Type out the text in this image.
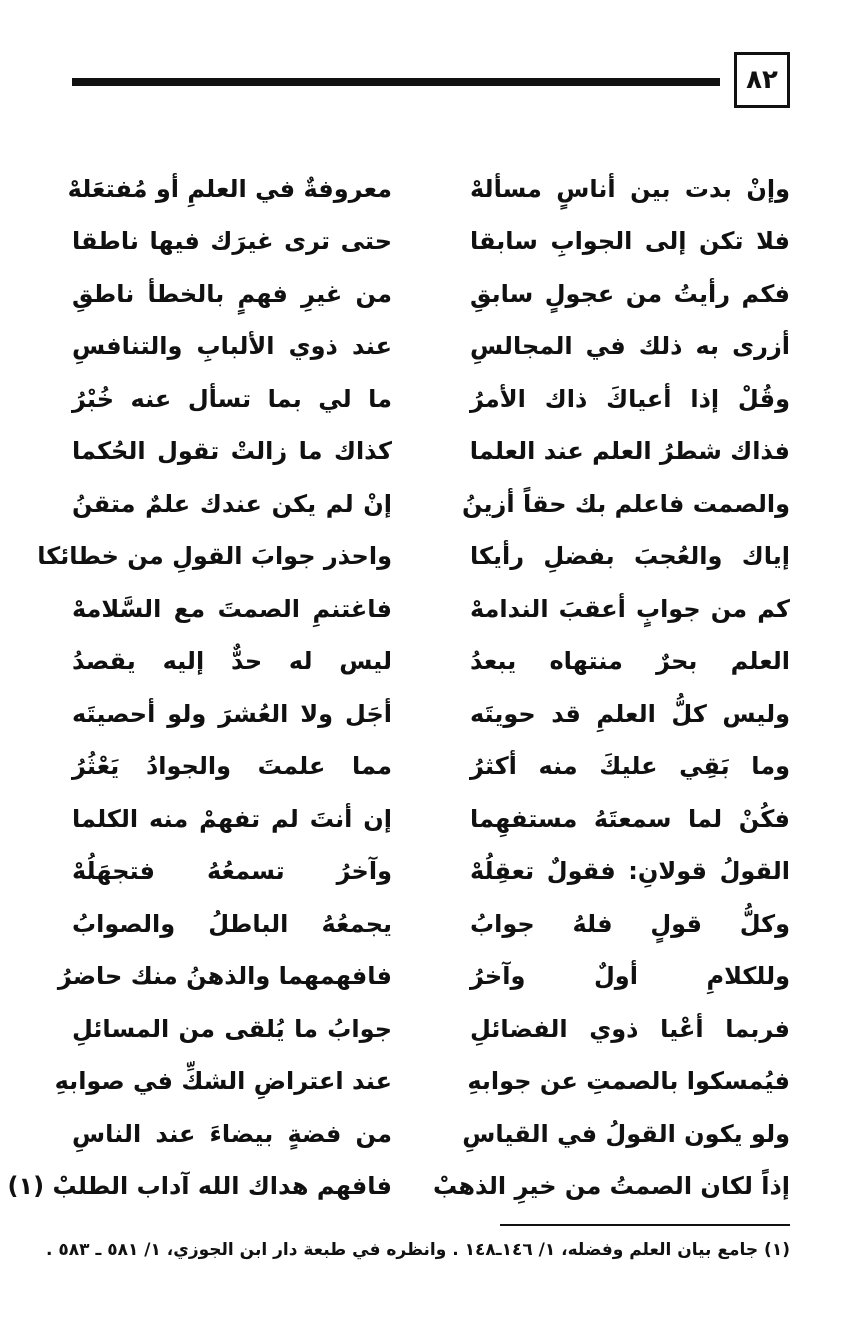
٨٢
وإنْ بدت بين أناسٍ مسألهْ
معروفةٌ في العلمِ أو مُفتعَلهْ
فلا تكن إلى الجوابِ سابقا
حتى ترى غيرَك فيها ناطقا
فكم رأيتُ من عجولٍ سابقِ
من غيرِ فهمٍ بالخطأ ناطقِ
أزرى به ذلك في المجالسِ
عند ذوي الألبابِ والتنافسِ
وقُلْ إذا أعياكَ ذاك الأمرُ
ما لي بما تسأل عنه خُبْرُ
فذاك شطرُ العلم عند العلما
كذاك ما زالتْ تقول الحُكما
والصمت فاعلم بك حقاً أزينُ
إنْ لم يكن عندك علمٌ متقنُ
إياك والعُجبَ بفضلِ رأيكا
واحذر جوابَ القولِ من خطائكا
كم من جوابٍ أعقبَ الندامهْ
فاغتنمِ الصمتَ مع السَّلامهْ
العلم بحرٌ منتهاه يبعدُ
ليس له حدٌّ إليه يقصدُ
وليس كلُّ العلمِ قد حويتَه
أجَل ولا العُشرَ ولو أحصيتَه
وما بَقِي عليكَ منه أكثرُ
مما علمتَ والجوادُ يَعْثُرُ
فكُنْ لما سمعتَهُ مستفهِما
إن أنتَ لم تفهمْ منه الكلما
القولُ قولانِ: فقولٌ تعقِلُهْ
وآخرُ تسمعُهُ فتجهَلُهْ
وكلُّ قولٍ فلهُ جوابُ
يجمعُهُ الباطلُ والصوابُ
وللكلامِ أولٌ وآخرُ
فافهمهما والذهنُ منك حاضرُ
فربما أعْيا ذوي الفضائلِ
جوابُ ما يُلقى من المسائلِ
فيُمسكوا بالصمتِ عن جوابهِ
عند اعتراضِ الشكِّ في صوابهِ
ولو يكون القولُ في القياسِ
من فضةٍ بيضاءَ عند الناسِ
إذاً لكان الصمتُ من خيرِ الذهبْ
فافهم هداك الله آداب الطلبْ (١)
(١) جامع بيان العلم وفضله، ١/ ١٤٦ـ١٤٨ . وانظره في طبعة دار ابن الجوزي، ١/ ٥٨١ ـ ٥٨٣ .
